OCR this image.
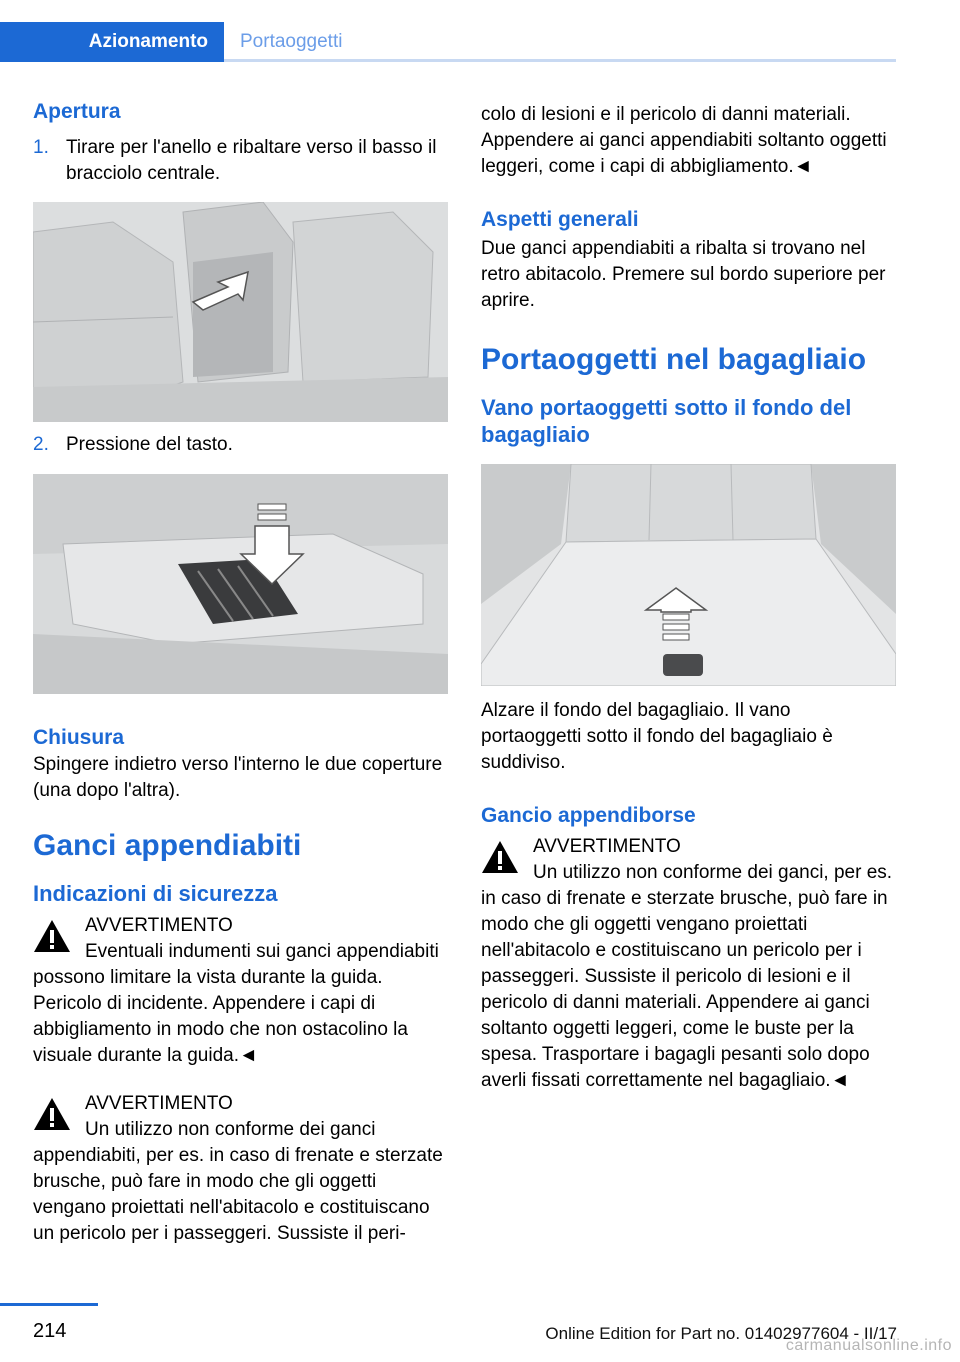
Azionamento Portaoggetti
Apertura
1. Tirare per l'anello e ribaltare verso il basso il bracciolo centrale.
2. Pressione del tasto.
Chiusura

Spingere indietro verso l'interno le due coperture (una dopo l'altra).

Ganci appendiabiti
Indicazioni di sicurezza
AVVERTIMENTO
Eventuali indumenti sui ganci appendiabiti possono limitare la vista durante la guida. Pericolo di incidente. Appendere i capi di abbigliamento in modo che non ostacolino la visuale durante la guida.◄
AVVERTIMENTO
Un utilizzo non conforme dei ganci appendiabiti, per es. in caso di frenate e sterzate brusche, può fare in modo che gli oggetti vengano proiettati nell'abitacolo e costituiscano un pericolo per i passeggeri. Sussiste il peri-

colo di lesioni e il pericolo di danni materiali. Appendere ai ganci appendiabiti soltanto oggetti leggeri, come i capi di abbigliamento.◄

Aspetti generali

Due ganci appendiabiti a ribalta si trovano nel retro abitacolo. Premere sul bordo superiore per aprire.

Portaoggetti nel bagagliaio
Vano portaoggetti sotto il fondo del bagagliaio

Alzare il fondo del bagagliaio. Il vano portaoggetti sotto il fondo del bagagliaio è suddiviso.

Gancio appendiborse
AVVERTIMENTO
Un utilizzo non conforme dei ganci, per es. in caso di frenate e sterzate brusche, può fare in modo che gli oggetti vengano proiettati nell'abitacolo e costituiscano un pericolo per i passeggeri. Sussiste il pericolo di lesioni e il pericolo di danni materiali. Appendere ai ganci soltanto oggetti leggeri, come le buste per la spesa. Trasportare i bagagli pesanti solo dopo averli fissati correttamente nel bagagliaio.◄
214	Online Edition for Part no. 01402977604 - II/17
carmanualsonline.info
